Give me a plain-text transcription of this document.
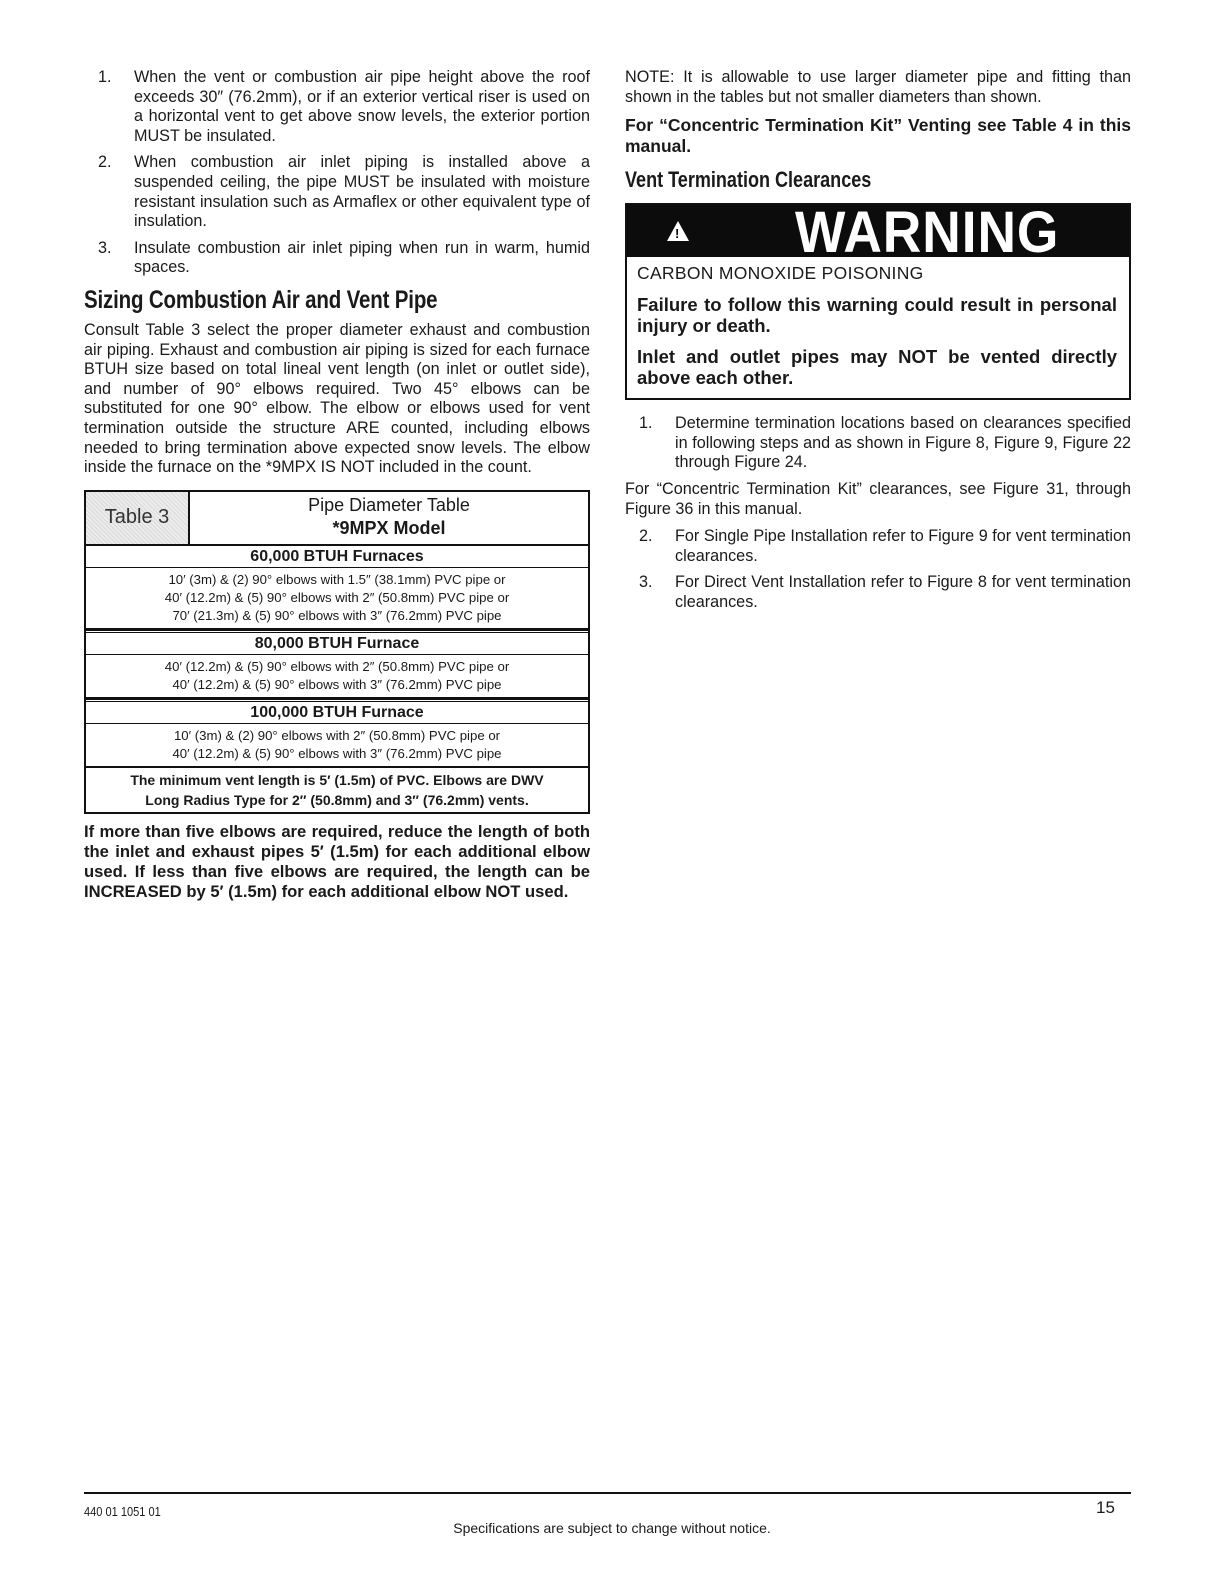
1. When the vent or combustion air pipe height above the roof exceeds 30″ (76.2mm), or if an exterior vertical riser is used on a horizontal vent to get above snow levels, the exterior portion MUST be insulated.
2. When combustion air inlet piping is installed above a suspended ceiling, the pipe MUST be insulated with moisture resistant insulation such as Armaflex or other equivalent type of insulation.
3. Insulate combustion air inlet piping when run in warm, humid spaces.
Sizing Combustion Air and Vent Pipe

Consult Table 3 select the proper diameter exhaust and combustion air piping. Exhaust and combustion air piping is sized for each furnace BTUH size based on total lineal vent length (on inlet or outlet side), and number of 90° elbows required. Two 45° elbows can be substituted for one 90° elbow. The elbow or elbows used for vent termination outside the structure ARE counted, including elbows needed to bring termination above expected snow levels. The elbow inside the furnace on the *9MPX IS NOT included in the count.

Table 3
Pipe Diameter Table
*9MPX Model
60,000 BTUH Furnaces
10′ (3m) & (2) 90° elbows with 1.5″ (38.1mm) PVC pipe or
40′ (12.2m) & (5) 90° elbows with 2″ (50.8mm) PVC pipe or
70′ (21.3m) & (5) 90° elbows with 3″ (76.2mm) PVC pipe
80,000 BTUH Furnace
40′ (12.2m) & (5) 90° elbows with 2″ (50.8mm) PVC pipe or
40′ (12.2m) & (5) 90° elbows with 3″ (76.2mm) PVC pipe
100,000 BTUH Furnace
10′ (3m) & (2) 90° elbows with 2″ (50.8mm) PVC pipe or
40′ (12.2m) & (5) 90° elbows with 3″ (76.2mm) PVC pipe
The minimum vent length is 5′ (1.5m) of PVC. Elbows are DWV
Long Radius Type for 2″ (50.8mm) and 3″ (76.2mm) vents.

If more than five elbows are required, reduce the length of both the inlet and exhaust pipes 5′ (1.5m) for each additional elbow used. If less than five elbows are required, the length can be INCREASED by 5′ (1.5m) for each additional elbow NOT used.

NOTE: It is allowable to use larger diameter pipe and fitting than shown in the tables but not smaller diameters than shown.

For “Concentric Termination Kit” Venting see Table 4 in this manual.

Vent Termination Clearances
! WARNING

CARBON MONOXIDE POISONING

Failure to follow this warning could result in personal injury or death.

Inlet and outlet pipes may NOT be vented directly above each other.

1. Determine termination locations based on clearances specified in following steps and as shown in Figure 8, Figure 9, Figure 22 through Figure 24.

For “Concentric Termination Kit” clearances, see Figure 31, through Figure 36 in this manual.

2. For Single Pipe Installation refer to Figure 9 for vent termination clearances.
3. For Direct Vent Installation refer to Figure 8 for vent termination clearances.
440 01 1051 01
Specifications are subject to change without notice.
15
